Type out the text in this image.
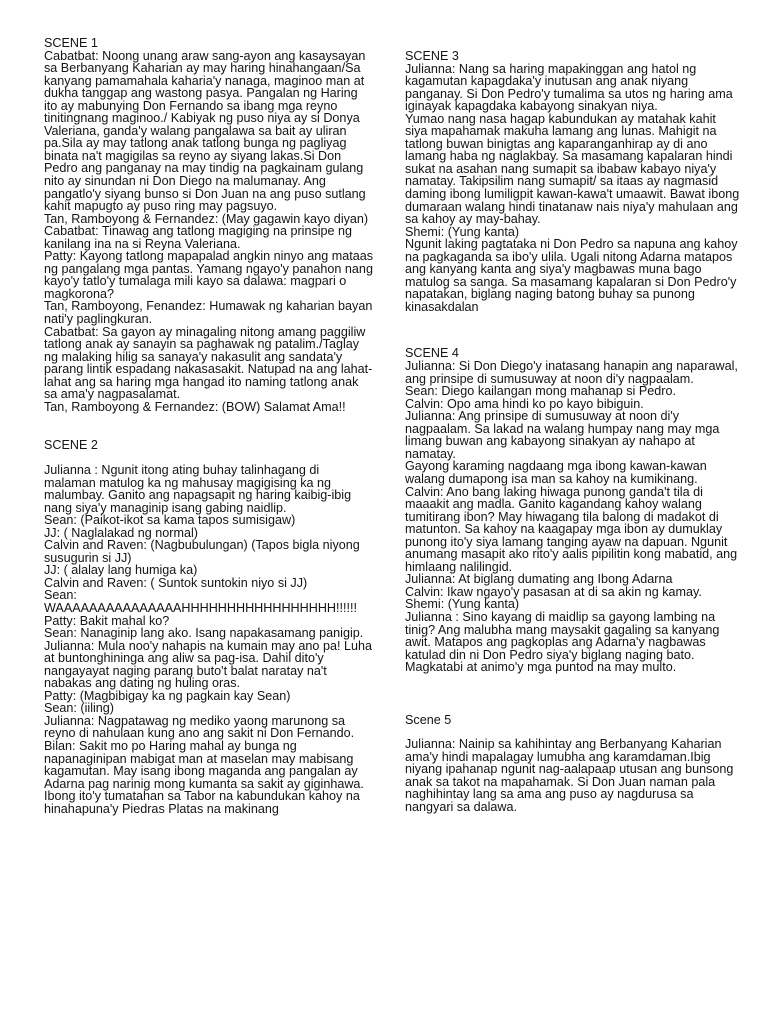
SCENE 1

Cabatbat: Noong unang araw sang-ayon ang kasaysayan sa Berbanyang Kaharian ay may haring hinahangaan/Sa kanyang pamamahala kaharia'y nanaga, maginoo man at dukha tanggap ang wastong pasya. Pangalan ng Haring ito ay mabunying Don Fernando sa ibang mga reyno tinitingnang maginoo./ Kabiyak ng puso niya ay si Donya Valeriana, ganda'y walang pangalawa sa bait ay uliran pa.Sila ay may tatlong anak tatlong bunga ng pagliyag binata na't magigilas sa reyno ay siyang lakas.Si Don Pedro ang panganay na may tindig na pagkainam gulang nito ay sinundan ni Don Diego na malumanay. Ang pangatlo'y siyang bunso si Don Juan na ang puso sutlang kahit mapugto ay puso ring may pagsuyo.

Tan, Ramboyong & Fernandez: (May gagawin kayo diyan)

Cabatbat: Tinawag ang tatlong magiging na prinsipe ng kanilang ina na si Reyna Valeriana.

Patty: Kayong tatlong mapapalad angkin ninyo ang mataas ng pangalang mga pantas. Yamang ngayo'y panahon nang kayo'y tatlo'y tumalaga mili kayo sa dalawa: magpari o magkorona?

Tan, Ramboyong, Fenandez: Humawak ng kaharian bayan nati'y paglingkuran.

Cabatbat: Sa gayon ay minagaling nitong amang paggiliw tatlong anak ay sanayin sa paghawak ng patalim./Taglay ng malaking hilig sa sanaya'y nakasulit ang sandata'y parang lintik espadang nakasasakit. Natupad na ang lahat-lahat ang sa haring mga hangad ito naming tatlong anak sa ama'y nagpasalamat.

Tan, Ramboyong & Fernandez: (BOW) Salamat Ama!!

SCENE 2

Julianna : Ngunit itong ating buhay talinhagang di malaman matulog ka ng mahusay magigising ka ng malumbay. Ganito ang napagsapit ng haring kaibig-ibig nang siya'y managinip isang gabing naidlip.

Sean: (Paikot-ikot sa kama tapos sumisigaw)

JJ: ( Naglalakad ng normal)

Calvin and Raven: (Nagbubulungan) (Tapos bigla niyong susugurin si JJ)

JJ: ( alalay lang humiga ka)

Calvin and Raven: ( Suntok suntokin niyo si JJ)

Sean: WAAAAAAAAAAAAAAAHHHHHHHHHHHHHHHHH!!!!!!

Patty: Bakit mahal ko?

Sean: Nanaginip lang ako. Isang napakasamang panigip.

Julianna: Mula noo'y nahapis na kumain may ano pa! Luha at buntonghininga ang aliw sa pag-isa. Dahil dito'y nangayayat naging parang buto't balat naratay na't nabakas ang dating ng huling oras.

Patty: (Magbibigay ka ng pagkain kay Sean)

Sean: (iiling)

Julianna: Nagpatawag ng mediko yaong marunong sa reyno di nahulaan kung ano ang sakit ni Don Fernando.

Bilan: Sakit mo po Haring mahal ay bunga ng napanaginipan mabigat man at maselan may mabisang kagamutan. May isang ibong maganda ang pangalan ay Adarna pag narinig mong kumanta sa sakit ay giginhawa. Ibong ito'y tumatahan sa Tabor na kabundukan kahoy na hinahapuna'y Piedras Platas na makinang

SCENE 3

Julianna: Nang sa haring mapakinggan ang hatol ng kagamutan kapagdaka'y inutusan ang anak niyang panganay. Si Don Pedro'y tumalima sa utos ng haring ama iginayak kapagdaka kabayong sinakyan niya.

Yumao nang nasa hagap kabundukan ay matahak kahit siya mapahamak makuha lamang ang lunas. Mahigit na tatlong buwan binigtas ang kaparanganhirap ay di ano lamang haba ng naglakbay. Sa masamang kapalaran hindi sukat na asahan nang sumapit sa ibabaw kabayo niya'y namatay. Takipsilim nang sumapit/ sa itaas ay nagmasid daming ibong lumiligpit kawan-kawa't umaawit. Bawat ibong dumaraan walang hindi tinatanaw nais niya'y mahulaan ang sa kahoy ay may-bahay.

Shemi: (Yung kanta)

Ngunit laking pagtataka ni Don Pedro sa napuna ang kahoy na pagkaganda sa ibo'y ulila. Ugali nitong Adarna matapos ang kanyang kanta ang siya'y magbawas muna bago matulog sa sanga. Sa masamang kapalaran si Don Pedro'y napatakan, biglang naging batong buhay sa punong kinasakdalan

SCENE 4

Julianna: Si Don Diego'y inatasang hanapin ang naparawal, ang prinsipe di sumusuway at noon di'y nagpaalam.

Sean: Diego kailangan mong mahanap si Pedro.

Calvin: Opo ama hindi ko po kayo bibiguin.

Julianna: Ang prinsipe di sumusuway at noon di'y nagpaalam. Sa lakad na walang humpay nang may mga limang buwan ang kabayong sinakyan ay nahapo at namatay.

Gayong karaming nagdaang mga ibong kawan-kawan walang dumapong isa man sa kahoy na kumikinang.

Calvin: Ano bang laking hiwaga punong ganda't tila di maaakit ang madla. Ganito kagandang kahoy walang tumitirang ibon? May hiwagang tila balong di madakot di matunton. Sa kahoy na kaagapay mga ibon ay dumuklay punong ito'y siya lamang tanging ayaw na dapuan. Ngunit anumang masapit ako rito'y aalis pipilitin kong mabatid, ang himlaang nalilingid.

Julianna: At biglang dumating ang Ibong Adarna

Calvin: Ikaw ngayo'y pasasan at di sa akin ng kamay.

Shemi: (Yung kanta)

Julianna : Sino kayang di maidlip sa gayong lambing na tinig? Ang malubha mang maysakit gagaling sa kanyang awit. Matapos ang pagkoplas ang Adarna'y nagbawas katulad din ni Don Pedro siya'y biglang naging bato. Magkatabi at animo'y mga puntod na may multo.

Scene 5

Julianna: Nainip sa kahihintay ang Berbanyang Kaharian ama'y hindi mapalagay lumubha ang karamdaman.Ibig niyang ipahanap ngunit nag-aalapaap utusan ang bunsong anak sa takot na mapahamak. Si Don Juan naman pala naghihintay lang sa ama ang puso ay nagdurusa sa nangyari sa dalawa.
